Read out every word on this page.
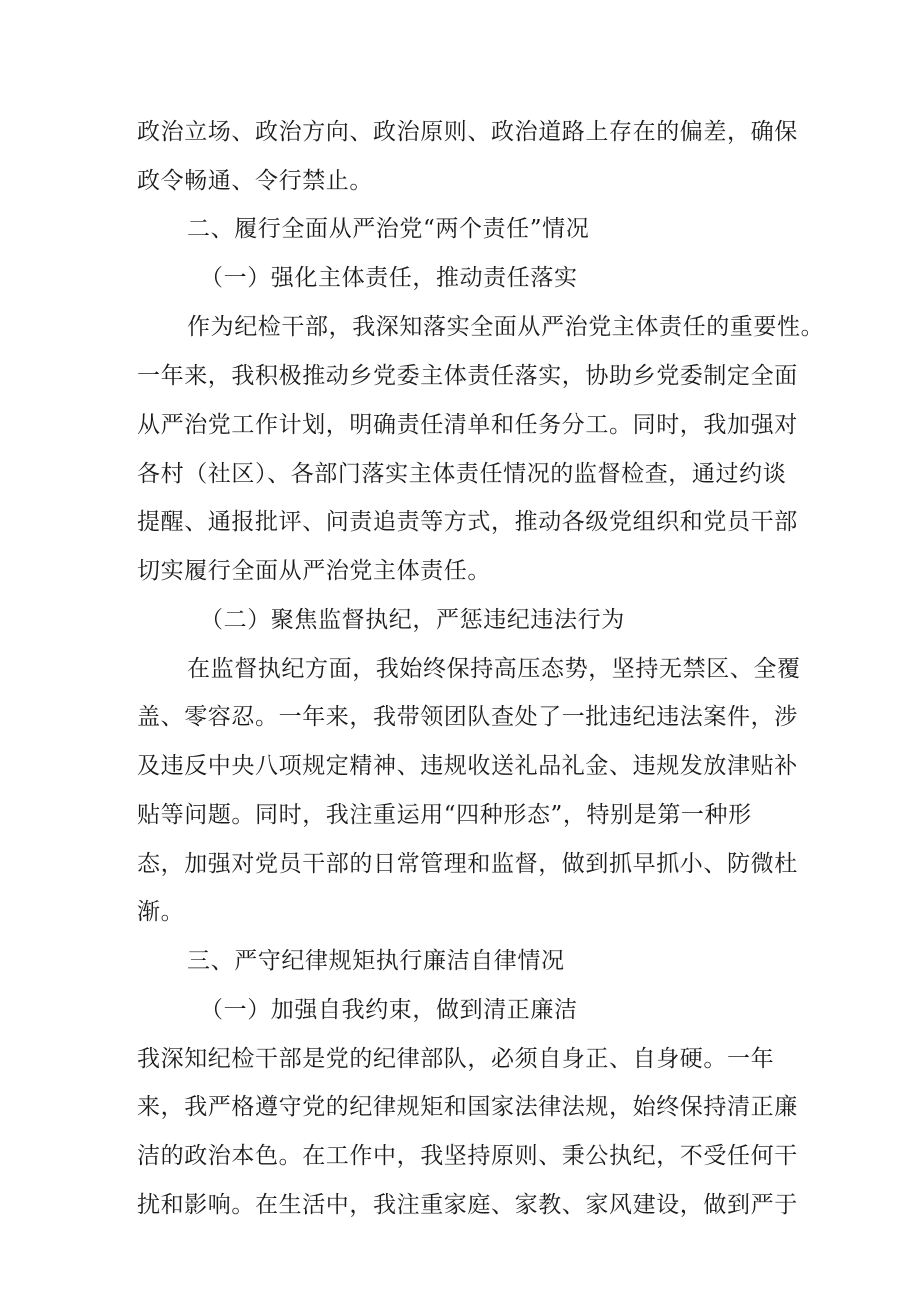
政治立场、政治方向、政治原则、政治道路上存在的偏差，确保
政令畅通、令行禁止。
二、履行全面从严治党“两个责任”情况
（一）强化主体责任，推动责任落实
作为纪检干部，我深知落实全面从严治党主体责任的重要性。
一年来，我积极推动乡党委主体责任落实，协助乡党委制定全面
从严治党工作计划，明确责任清单和任务分工。同时，我加强对
各村（社区）、各部门落实主体责任情况的监督检查，通过约谈
提醒、通报批评、问责追责等方式，推动各级党组织和党员干部
切实履行全面从严治党主体责任。
（二）聚焦监督执纪，严惩违纪违法行为
在监督执纪方面，我始终保持高压态势，坚持无禁区、全覆
盖、零容忍。一年来，我带领团队查处了一批违纪违法案件，涉
及违反中央八项规定精神、违规收送礼品礼金、违规发放津贴补
贴等问题。同时，我注重运用“四种形态”，特别是第一种形
态，加强对党员干部的日常管理和监督，做到抓早抓小、防微杜
渐。
三、严守纪律规矩执行廉洁自律情况
（一）加强自我约束，做到清正廉洁
我深知纪检干部是党的纪律部队，必须自身正、自身硬。一年
来，我严格遵守党的纪律规矩和国家法律法规，始终保持清正廉
洁的政治本色。在工作中，我坚持原则、秉公执纪，不受任何干
扰和影响。在生活中，我注重家庭、家教、家风建设，做到严于
